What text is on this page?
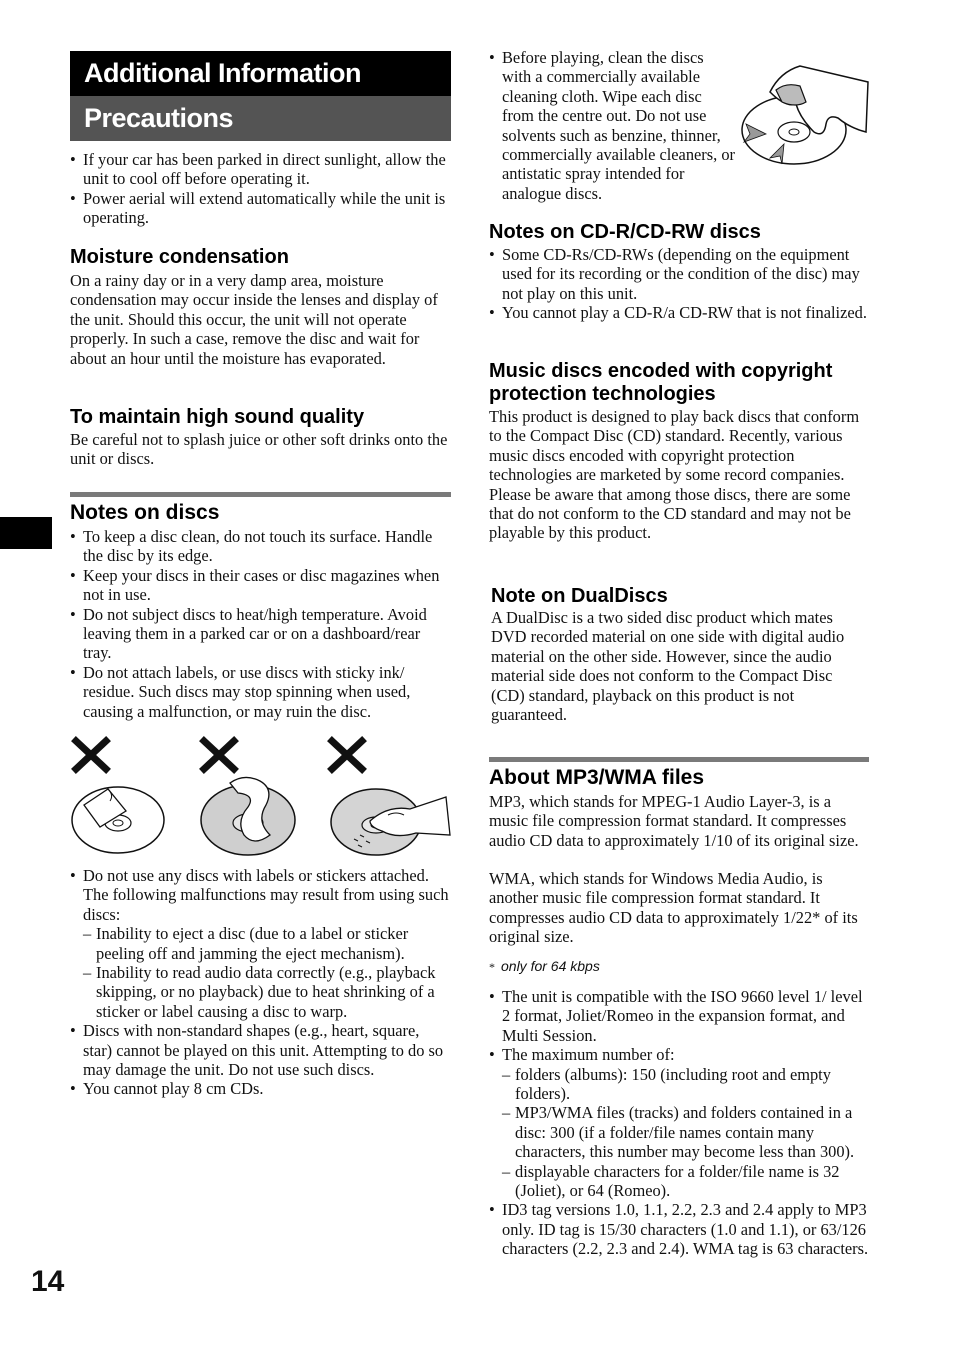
14
Additional Information
Precautions
• If your car has been parked in direct sunlight, allow the unit to cool off before operating it.
• Power aerial will extend automatically while the unit is operating.
Moisture condensation

On a rainy day or in a very damp area, moisture condensation may occur inside the lenses and display of the unit. Should this occur, the unit will not operate properly. In such a case, remove the disc and wait for about an hour until the moisture has evaporated.

To maintain high sound quality

Be careful not to splash juice or other soft drinks onto the unit or discs.

Notes on discs
• To keep a disc clean, do not touch its surface. Handle the disc by its edge.
• Keep your discs in their cases or disc magazines when not in use.
• Do not subject discs to heat/high temperature. Avoid leaving them in a parked car or on a dashboard/rear tray.
• Do not attach labels, or use discs with sticky ink/ residue. Such discs may stop spinning when used, causing a malfunction, or may ruin the disc.
• Do not use any discs with labels or stickers attached.
The following malfunctions may result from using such discs:
– Inability to eject a disc (due to a label or sticker peeling off and jamming the eject mechanism).
– Inability to read audio data correctly (e.g., playback skipping, or no playback) due to heat shrinking of a sticker or label causing a disc to warp.
• Discs with non-standard shapes (e.g., heart, square, star) cannot be played on this unit. Attempting to do so may damage the unit. Do not use such discs.
• You cannot play 8 cm CDs.
• Before playing, clean the discs with a commercially available cleaning cloth. Wipe each disc from the centre out. Do not use solvents such as benzine, thinner, commercially available cleaners, or antistatic spray intended for analogue discs.
Notes on CD-R/CD-RW discs
• Some CD-Rs/CD-RWs (depending on the equipment used for its recording or the condition of the disc) may not play on this unit.
• You cannot play a CD-R/a CD-RW that is not finalized.
Music discs encoded with copyright
protection technologies

This product is designed to play back discs that conform to the Compact Disc (CD) standard. Recently, various music discs encoded with copyright protection technologies are marketed by some record companies. Please be aware that among those discs, there are some that do not conform to the CD standard and may not be playable by this product.

Note on DualDiscs

A DualDisc is a two sided disc product which mates DVD recorded material on one side with digital audio material on the other side. However, since the audio material side does not conform to the Compact Disc (CD) standard, playback on this product is not guaranteed.

About MP3/WMA files

MP3, which stands for MPEG-1 Audio Layer-3, is a music file compression format standard. It compresses audio CD data to approximately 1/10 of its original size.

WMA, which stands for Windows Media Audio, is another music file compression format standard. It compresses audio CD data to approximately 1/22* of its original size.

* only for 64 kbps
• The unit is compatible with the ISO 9660 level 1/ level 2 format, Joliet/Romeo in the expansion format, and Multi Session.
• The maximum number of:
– folders (albums): 150 (including root and empty folders).
– MP3/WMA files (tracks) and folders contained in a disc: 300 (if a folder/file names contain many characters, this number may become less than 300).
– displayable characters for a folder/file name is 32 (Joliet), or 64 (Romeo).
• ID3 tag versions 1.0, 1.1, 2.2, 2.3 and 2.4 apply to MP3 only. ID tag is 15/30 characters (1.0 and 1.1), or 63/126 characters (2.2, 2.3 and 2.4). WMA tag is 63 characters.
